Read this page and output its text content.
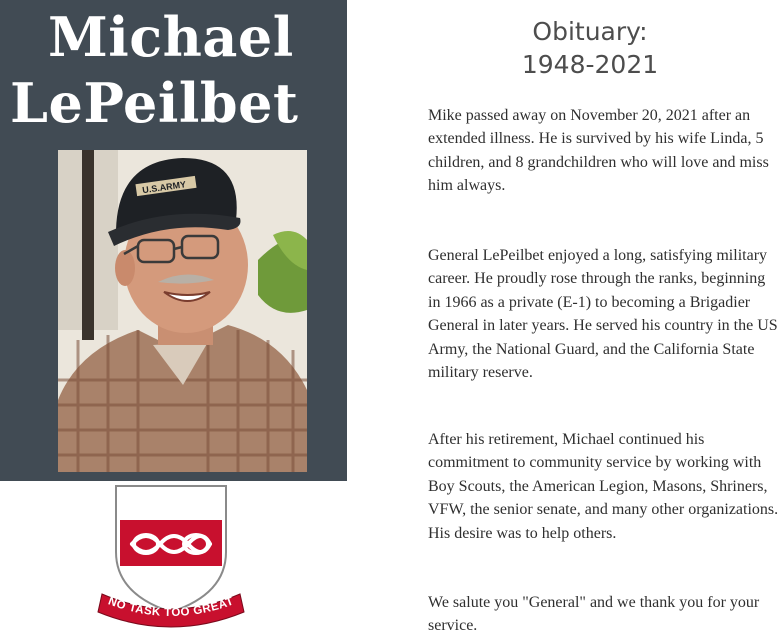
Michael
LePeilbet
U.S.ARMY
NO TASK TOO GREAT
Obituary:
1948-2021

Mike passed away on November 20, 2021 after an extended illness. He is survived by his wife Linda, 5 children, and 8 grandchildren who will love and miss him always.

General LePeilbet enjoyed a long, satisfying military career. He proudly rose through the ranks, beginning in 1966 as a private (E-1) to becoming a Brigadier General in later years. He served his country in the US Army, the National Guard, and the California State military reserve.

After his retirement, Michael continued his commitment to community service by working with Boy Scouts, the American Legion, Masons, Shriners, VFW, the senior senate, and many other organizations. His desire was to help others.

We salute you "General" and we thank you for your service.
